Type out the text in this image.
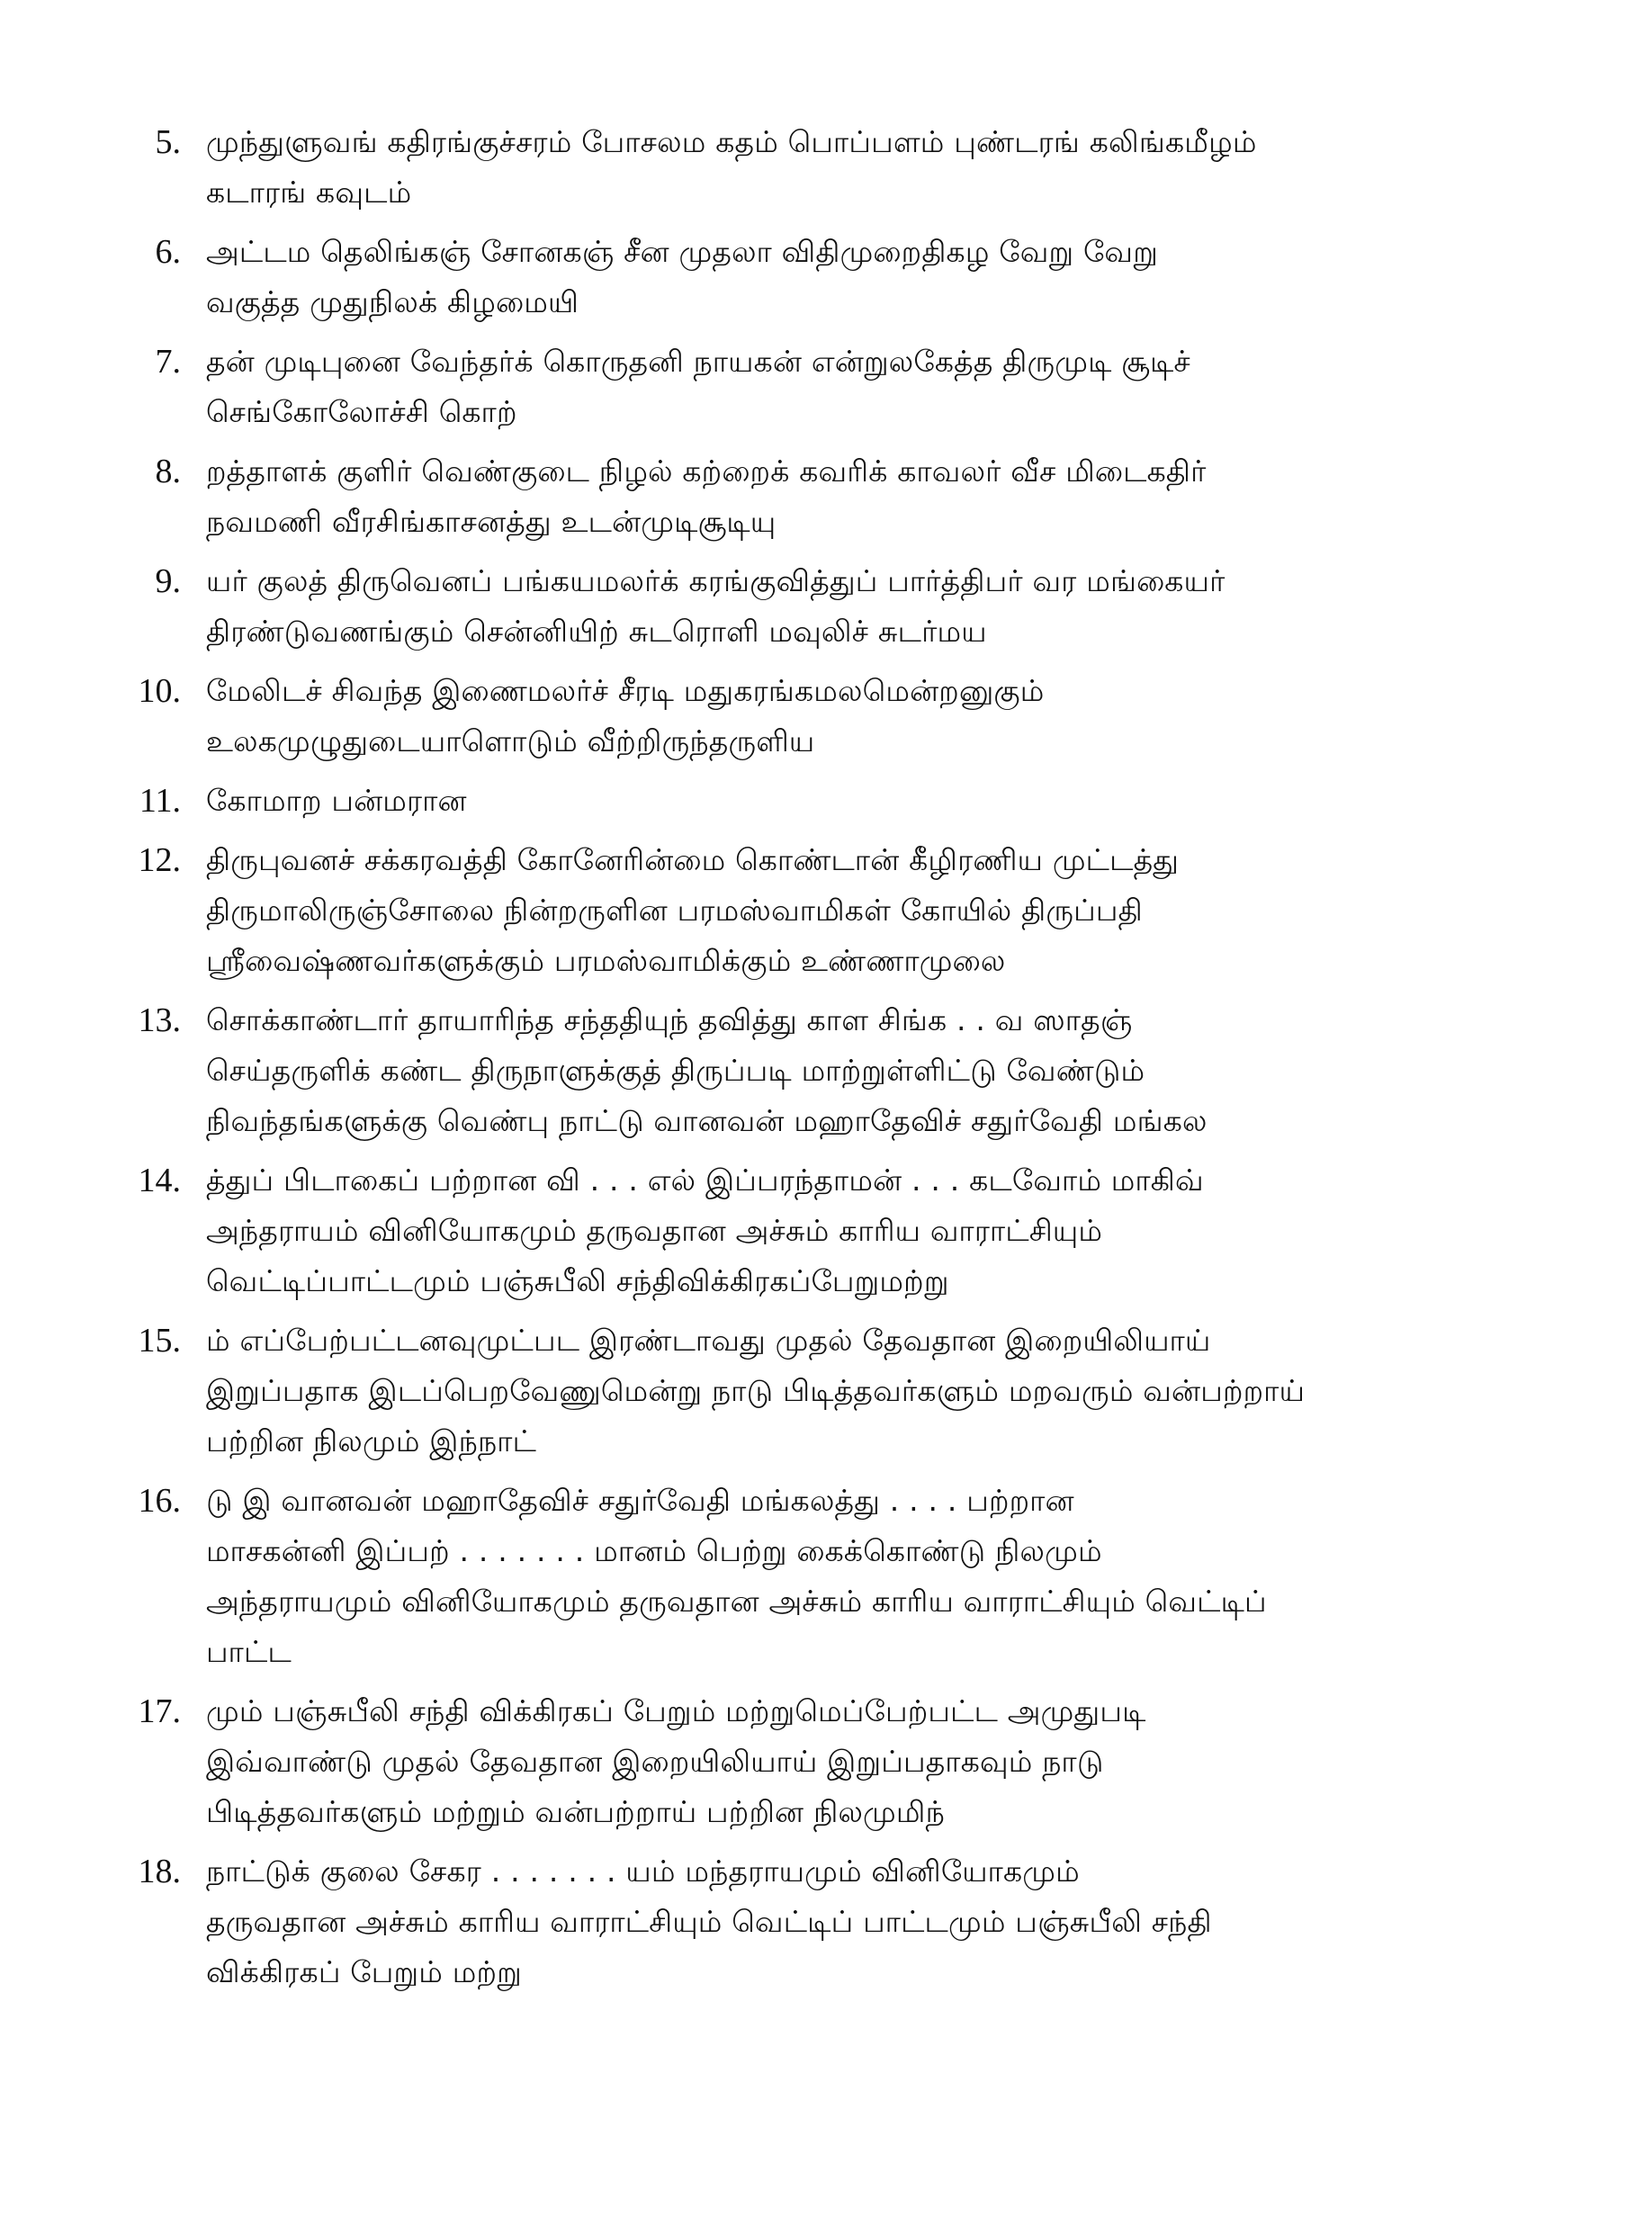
5. முந்துளுவங் கதிரங்குச்சரம் போசலம கதம் பொப்பளம் புண்டரங் கலிங்கமீழம்
கடாரங் கவுடம்
6. அட்டம தெலிங்கஞ் சோனகஞ் சீன முதலா விதிமுறைதிகழ வேறு வேறு
வகுத்த முதுநிலக் கிழமையி
7. தன் முடிபுனை வேந்தர்க் கொருதனி நாயகன் என்றுலகேத்த திருமுடி சூடிச்
செங்கோலோச்சி கொற்
8. றத்தாளக் குளிர் வெண்குடை நிழல் கற்றைக் கவரிக் காவலர் வீச மிடைகதிர்
நவமணி வீரசிங்காசனத்து உடன்முடிசூடியு
9. யர் குலத் திருவெனப் பங்கயமலர்க் கரங்குவித்துப் பார்த்திபர் வர மங்கையர்
திரண்டுவணங்கும் சென்னியிற் சுடரொளி மவுலிச் சுடர்மய
10. மேலிடச் சிவந்த இணைமலர்ச் சீரடி மதுகரங்கமலமென்றனுகும்
உலகமுழுதுடையாளொடும் வீற்றிருந்தருளிய
11. கோமாற பன்மரான
12. திருபுவனச் சக்கரவத்தி கோனேரின்மை கொண்டான் கீழிரணிய முட்டத்து
திருமாலிருஞ்சோலை நின்றருளின பரமஸ்வாமிகள் கோயில் திருப்பதி
ஸ்ரீவைஷ்ணவர்களுக்கும் பரமஸ்வாமிக்கும் உண்ணாமுலை
13. சொக்காண்டார் தாயாரிந்த சந்ததியுந் தவித்து காள சிங்க . . வ ஸாதஞ்
செய்தருளிக் கண்ட திருநாளுக்குத் திருப்படி மாற்றுள்ளிட்டு வேண்டும்
நிவந்தங்களுக்கு வெண்பு நாட்டு வானவன் மஹாதேவிச் சதுர்வேதி மங்கல
14. த்துப் பிடாகைப் பற்றான வி . . . எல் இப்பரந்தாமன் . . . கடவோம் மாகிவ்
அந்தராயம் வினியோகமும் தருவதான அச்சும் காரிய வாராட்சியும்
வெட்டிப்பாட்டமும் பஞ்சுபீலி சந்திவிக்கிரகப்பேறுமற்று
15. ம் எப்பேற்பட்டனவுமுட்பட இரண்டாவது முதல் தேவதான இறையிலியாய்
இறுப்பதாக இடப்பெறவேணுமென்று நாடு பிடித்தவர்களும் மறவரும் வன்பற்றாய்
பற்றின நிலமும் இந்நாட்
16. டு இ வானவன் மஹாதேவிச் சதுர்வேதி மங்கலத்து . . . . பற்றான
மாசகன்னி இப்பற் . . . . . . . மானம் பெற்று கைக்கொண்டு நிலமும்
அந்தராயமும் வினியோகமும் தருவதான அச்சும் காரிய வாராட்சியும் வெட்டிப்
பாட்ட
17. மும் பஞ்சுபீலி சந்தி விக்கிரகப் பேறும் மற்றுமெப்பேற்பட்ட அமுதுபடி
இவ்வாண்டு முதல் தேவதான இறையிலியாய் இறுப்பதாகவும் நாடு
பிடித்தவர்களும் மற்றும் வன்பற்றாய் பற்றின நிலமுமிந்
18. நாட்டுக் குலை சேகர . . . . . . . யம் மந்தராயமும் வினியோகமும்
தருவதான அச்சும் காரிய வாராட்சியும் வெட்டிப் பாட்டமும் பஞ்சுபீலி சந்தி
விக்கிரகப் பேறும் மற்று
